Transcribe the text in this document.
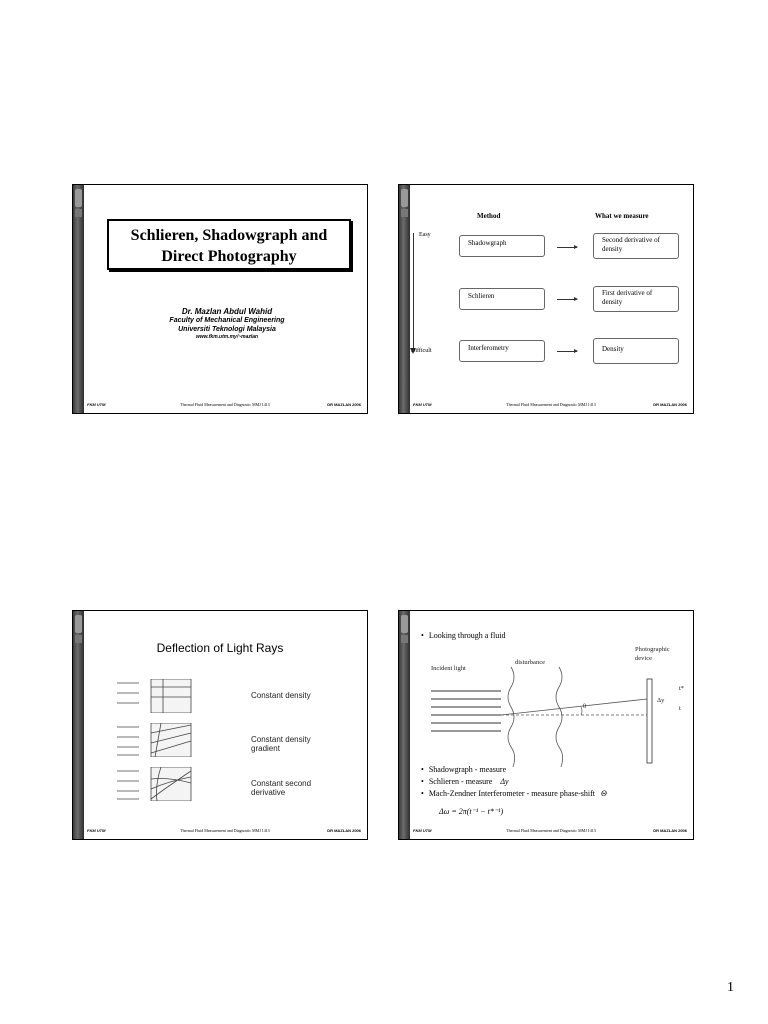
Schlieren, Shadowgraph and Direct Photography
Dr. Mazlan Abdul Wahid
Faculty of Mechanical Engineering
Universiti Teknologi Malaysia
www.fkm.utm.my/~mazlan
FKM UTM	Thermal Fluid Measurement and Diagnostic MMJ 1413	DR MAZLAN 2006
Method	What we measure
Easy
Difficult
Shadowgraph	Second derivative of density
Schlieren	First derivative of density
Interferometry	Density
FKM UTM	Thermal Fluid Measurement and Diagnostic MMJ 1413	DR MAZLAN 2006
Deflection of Light Rays
Constant density
Constant density gradient
Constant second derivative
FKM UTM	Thermal Fluid Measurement and Diagnostic MMJ 1413	DR MAZLAN 2006
• Looking through a fluid
Incident light
disturbance
Photographic device
θ
Δy
t*
t
• Shadowgraph - measure
• Schlieren - measure Δy
• Mach-Zendner Interferometer - measure phase-shift Θ
Δω = 2π(t⁻¹ − t*⁻¹)
FKM UTM	Thermal Fluid Measurement and Diagnostic MMJ 1413	DR MAZLAN 2006
1
